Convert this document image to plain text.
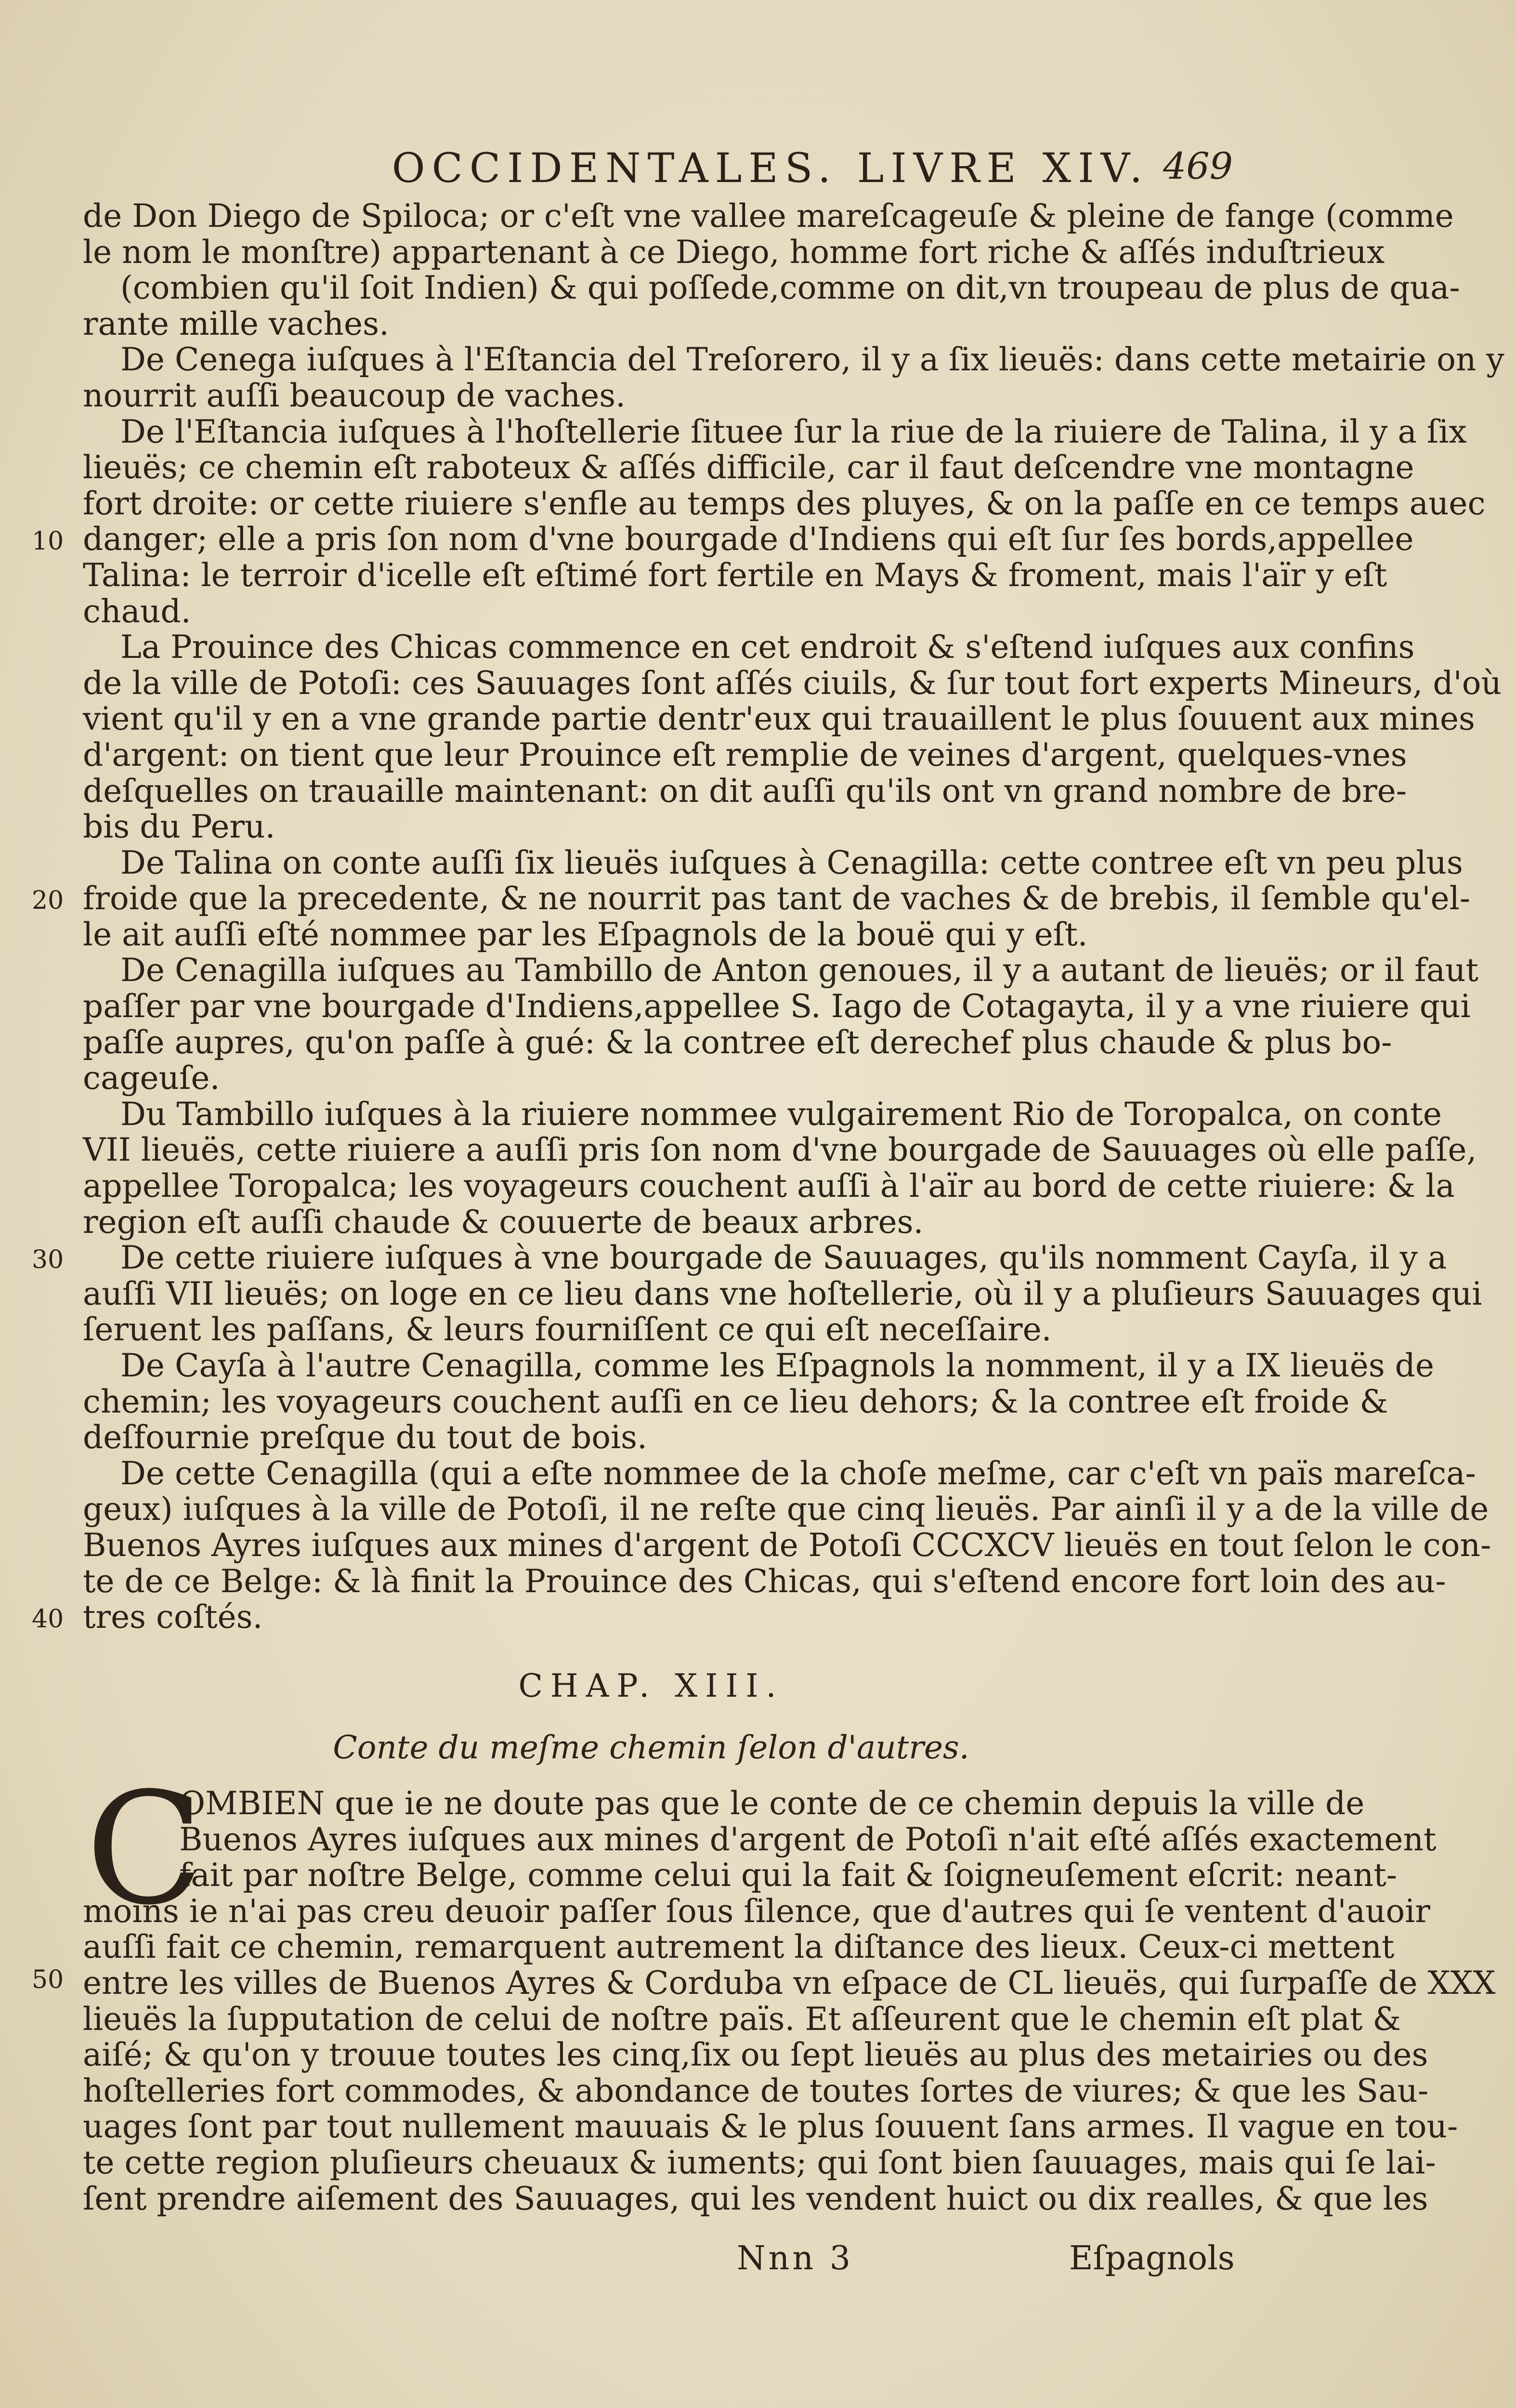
OCCIDENTALES. LIVRE XIV. 469
de Don Diego de Spiloca; or c'eſt vne vallee mareſcageuſe & pleine de fange (comme
le nom le monſtre) appartenant à ce Diego, homme fort riche & aſſés induſtrieux
(combien qu'il ſoit Indien) & qui poſſede,comme on dit,vn troupeau de plus de qua-
rante mille vaches.
De Cenega iuſques à l'Eſtancia del Treſorero, il y a ſix lieuës: dans cette metairie on y
nourrit auſſi beaucoup de vaches.
De l'Eſtancia iuſques à l'hoſtellerie ſituee ſur la riue de la riuiere de Talina, il y a ſix
lieuës; ce chemin eſt raboteux & aſſés difficile, car il faut deſcendre vne montagne
fort droite: or cette riuiere s'enfle au temps des pluyes, & on la paſſe en ce temps auec
danger; elle a pris ſon nom d'vne bourgade d'Indiens qui eſt ſur ſes bords,appellee
Talina: le terroir d'icelle eſt eſtimé fort fertile en Mays & froment, mais l'aïr y eſt
chaud.
La Prouince des Chicas commence en cet endroit & s'eſtend iuſques aux confins
de la ville de Potoſi: ces Sauuages ſont aſſés ciuils, & ſur tout fort experts Mineurs, d'où
vient qu'il y en a vne grande partie dentr'eux qui trauaillent le plus ſouuent aux mines
d'argent: on tient que leur Prouince eſt remplie de veines d'argent, quelques-vnes
deſquelles on trauaille maintenant: on dit auſſi qu'ils ont vn grand nombre de bre-
bis du Peru.
De Talina on conte auſſi ſix lieuës iuſques à Cenagilla: cette contree eſt vn peu plus
froide que la precedente, & ne nourrit pas tant de vaches & de brebis, il ſemble qu'el-
le ait auſſi eſté nommee par les Eſpagnols de la bouë qui y eſt.
De Cenagilla iuſques au Tambillo de Anton genoues, il y a autant de lieuës; or il faut
paſſer par vne bourgade d'Indiens,appellee S. Iago de Cotagayta, il y a vne riuiere qui
paſſe aupres, qu'on paſſe à gué: & la contree eſt derechef plus chaude & plus bo-
cageuſe.
Du Tambillo iuſques à la riuiere nommee vulgairement Rio de Toropalca, on conte
VII lieuës, cette riuiere a auſſi pris ſon nom d'vne bourgade de Sauuages où elle paſſe,
appellee Toropalca; les voyageurs couchent auſſi à l'aïr au bord de cette riuiere: & la
region eſt auſſi chaude & couuerte de beaux arbres.
De cette riuiere iuſques à vne bourgade de Sauuages, qu'ils nomment Cayſa, il y a
auſſi VII lieuës; on loge en ce lieu dans vne hoſtellerie, où il y a pluſieurs Sauuages qui
ſeruent les paſſans, & leurs fourniſſent ce qui eſt neceſſaire.
De Cayſa à l'autre Cenagilla, comme les Eſpagnols la nomment, il y a IX lieuës de
chemin; les voyageurs couchent auſſi en ce lieu dehors; & la contree eſt froide &
deſfournie preſque du tout de bois.
De cette Cenagilla (qui a eſte nommee de la choſe meſme, car c'eſt vn païs mareſca-
geux) iuſques à la ville de Potoſi, il ne reſte que cinq lieuës. Par ainſi il y a de la ville de
Buenos Ayres iuſques aux mines d'argent de Potoſi CCCXCV lieuës en tout ſelon le con-
te de ce Belge: & là finit la Prouince des Chicas, qui s'eſtend encore fort loin des au-
tres coſtés.
CHAP. XIII.
Conte du meſme chemin ſelon d'autres.
C
OMBIEN que ie ne doute pas que le conte de ce chemin depuis la ville de
Buenos Ayres iuſques aux mines d'argent de Potoſi n'ait eſté aſſés exactement
fait par noſtre Belge, comme celui qui la fait & ſoigneuſement eſcrit: neant-
moins ie n'ai pas creu deuoir paſſer ſous ſilence, que d'autres qui ſe ventent d'auoir
auſſi fait ce chemin, remarquent autrement la diſtance des lieux. Ceux-ci mettent
entre les villes de Buenos Ayres & Corduba vn eſpace de CL lieuës, qui ſurpaſſe de XXX
lieuës la ſupputation de celui de noſtre païs. Et aſſeurent que le chemin eſt plat &
aiſé; & qu'on y trouue toutes les cinq,ſix ou ſept lieuës au plus des metairies ou des
hoſtelleries fort commodes, & abondance de toutes ſortes de viures; & que les Sau-
uages ſont par tout nullement mauuais & le plus ſouuent ſans armes. Il vague en tou-
te cette region pluſieurs cheuaux & iuments; qui ſont bien ſauuages, mais qui ſe lai-
ſent prendre aiſement des Sauuages, qui les vendent huict ou dix realles, & que les
10
20
30
40
50
Nnn 3	Eſpagnols
